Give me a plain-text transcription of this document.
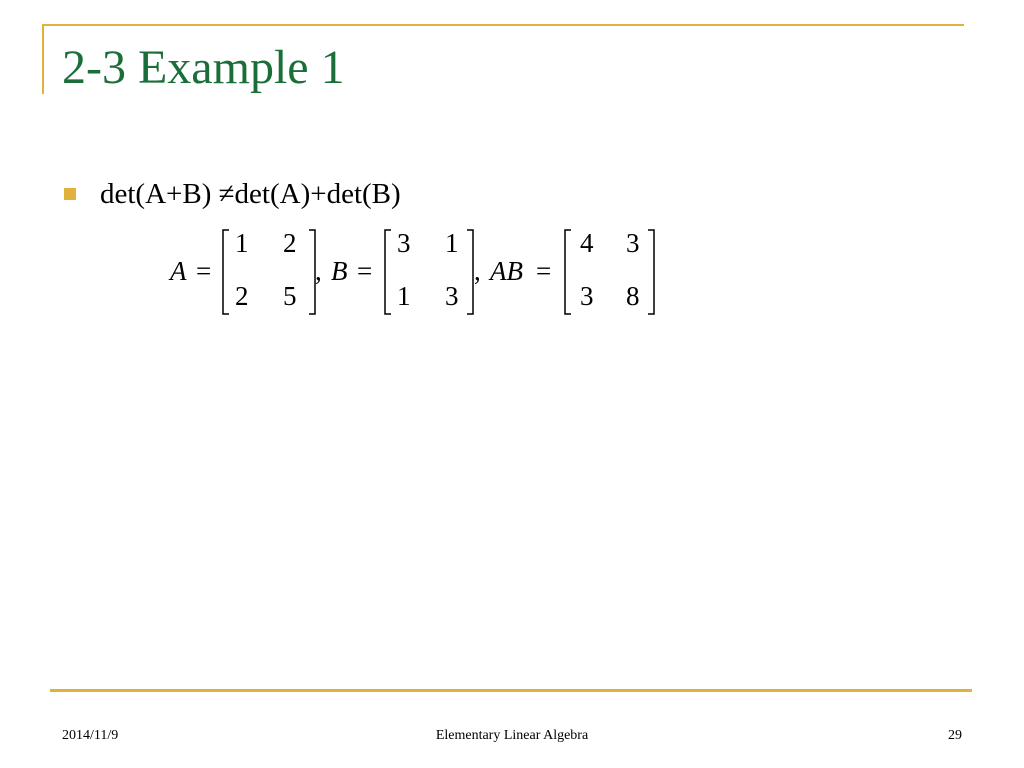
2-3 Example 1
det(A+B) ≠det(A)+det(B)
A =
1 2
2 5
, B =
3 1
1 3
, AB =
4 3
3 8
2014/11/9	Elementary Linear Algebra	29
